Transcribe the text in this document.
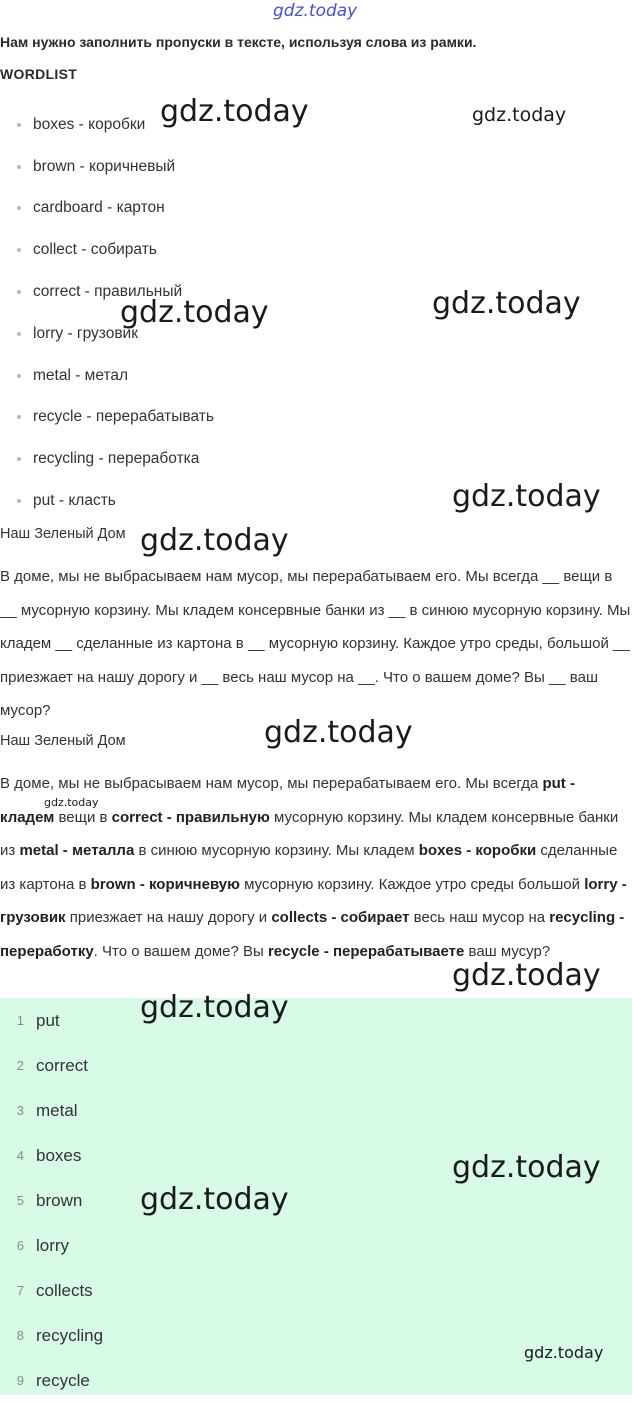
gdz.today
gdz.today	gdz.today
gdz.today
gdz.today
gdz.today
gdz.today
gdz.today
gdz.today
gdz.today
Нам нужно заполнить пропуски в тексте, используя слова из рамки.
WORDLIST
boxes - коробки
brown - коричневый
cardboard - картон
collect - собирать
correct - правильный
lorry - грузовик
metal - метал
recycle - перерабатывать
recycling - переработка
put - класть
Наш Зеленый Дом
В доме, мы не выбрасываем нам мусор, мы перерабатываем его. Мы всегда __ вещи в __ мусорную корзину. Мы кладем консервные банки из __ в синюю мусорную корзину. Мы кладем __ сделанные из картона в __ мусорную корзину. Каждое утро среды, большой __ приезжает на нашу дорогу и __ весь наш мусор на __. Что о вашем доме? Вы __ ваш мусор?
Наш Зеленый Дом
В доме, мы не выбрасываем нам мусор, мы перерабатываем его. Мы всегда put - кладем вещи в correct - правильную мусорную корзину. Мы кладем консервные банки из metal - металла в синюю мусорную корзину. Мы кладем boxes - коробки сделанные из картона в brown - коричневую мусорную корзину. Каждое утро среды большой lorry - грузовик приезжает на нашу дорогу и collects - собирает весь наш мусор на recycling - переработку. Что о вашем доме? Вы recycle - перерабатываете ваш мусур?
1 put
2 correct
3 metal
4 boxes
5 brown
6 lorry
7 collects
8 recycling
9 recycle
gdz.today
gdz.today
gdz.today
gdz.today
